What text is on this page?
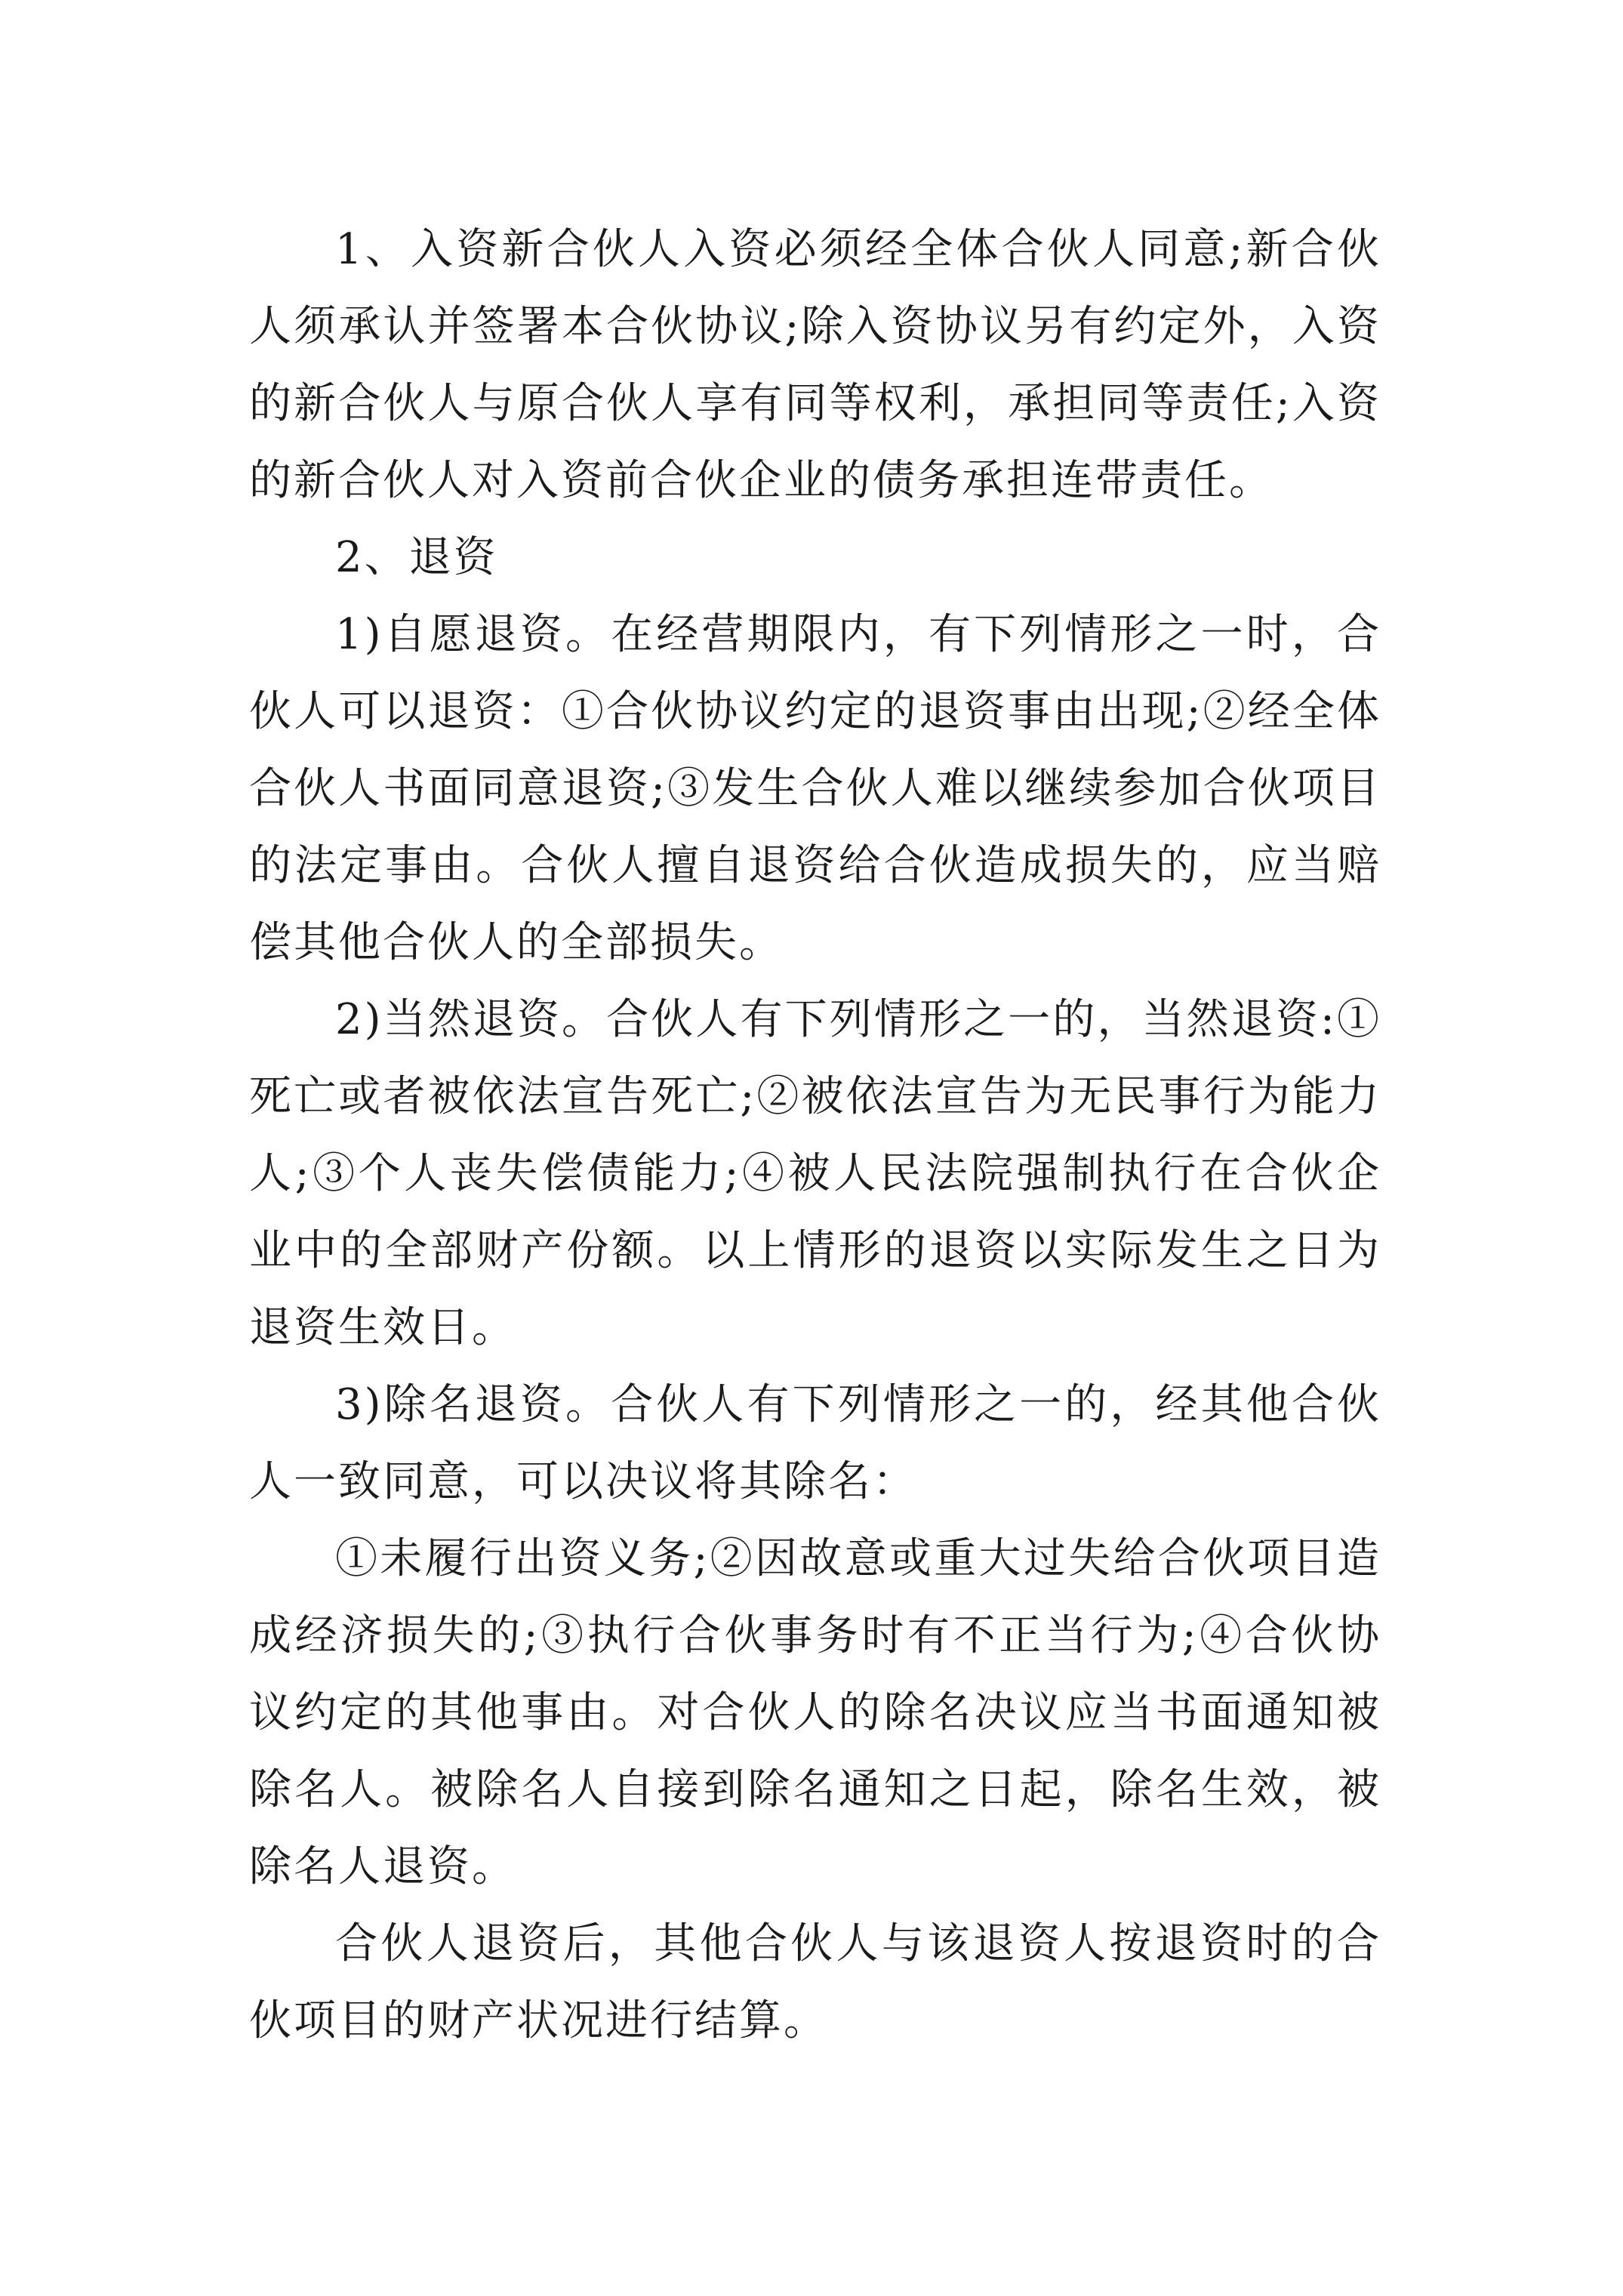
1、入资新合伙人入资必须经全体合伙人同意;新合伙人须承认并签署本合伙协议;除入资协议另有约定外，入资的新合伙人与原合伙人享有同等权利，承担同等责任;入资的新合伙人对入资前合伙企业的债务承担连带责任。

2、退资

1)自愿退资。在经营期限内，有下列情形之一时，合伙人可以退资：①合伙协议约定的退资事由出现;②经全体合伙人书面同意退资;③发生合伙人难以继续参加合伙项目的法定事由。合伙人擅自退资给合伙造成损失的，应当赔偿其他合伙人的全部损失。

2)当然退资。合伙人有下列情形之一的，当然退资:①死亡或者被依法宣告死亡;②被依法宣告为无民事行为能力人;③个人丧失偿债能力;④被人民法院强制执行在合伙企业中的全部财产份额。以上情形的退资以实际发生之日为退资生效日。

3)除名退资。合伙人有下列情形之一的，经其他合伙人一致同意，可以决议将其除名：

①未履行出资义务;②因故意或重大过失给合伙项目造成经济损失的;③执行合伙事务时有不正当行为;④合伙协议约定的其他事由。对合伙人的除名决议应当书面通知被除名人。被除名人自接到除名通知之日起，除名生效，被除名人退资。

合伙人退资后，其他合伙人与该退资人按退资时的合伙项目的财产状况进行结算。
